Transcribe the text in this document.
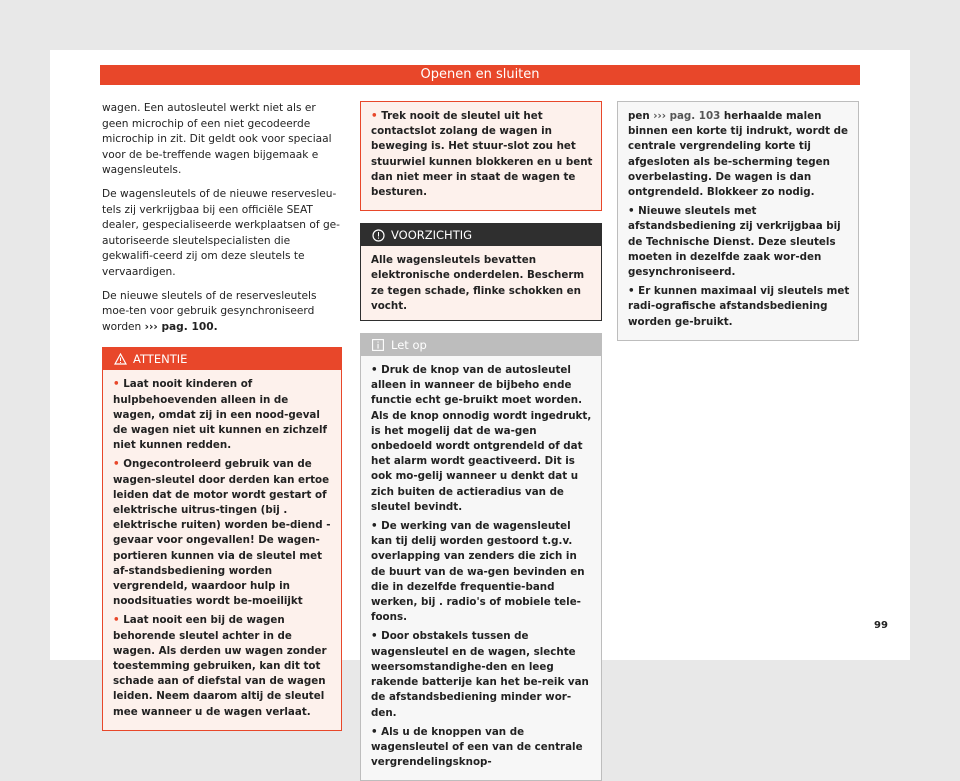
Openen en sluiten

wagen. Een autosleutel werkt niet als er geen microchip of een niet gecodeerde microchip in zit. Dit geldt ook voor speciaal voor de be-treffende wagen bijgemaak e wagensleutels.

De wagensleutels of de nieuwe reservesleu-tels zij verkrijgbaa bij een officiële SEAT dealer, gespecialiseerde werkplaatsen of ge-autoriseerde sleutelspecialisten die gekwalifi-ceerd zij om deze sleutels te vervaardigen.

De nieuwe sleutels of de reservesleutels moe-ten voor gebruik gesynchroniseerd worden ››› pag. 100.

ATTENTIE
• Laat nooit kinderen of hulpbehoevenden alleen in de wagen, omdat zij in een nood-geval de wagen niet uit kunnen en zichzelf niet kunnen redden.
• Ongecontroleerd gebruik van de wagen-sleutel door derden kan ertoe leiden dat de motor wordt gestart of elektrische uitrus-tingen (bij . elektrische ruiten) worden be-diend - gevaar voor ongevallen! De wagen-portieren kunnen via de sleutel met af-standsbediening worden vergrendeld, waardoor hulp in noodsituaties wordt be-moeilijkt
• Laat nooit een bij de wagen behorende sleutel achter in de wagen. Als derden uw wagen zonder toestemming gebruiken, kan dit tot schade aan of diefstal van de wagen leiden. Neem daarom altij de sleutel mee wanneer u de wagen verlaat.
• Trek nooit de sleutel uit het contactslot zolang de wagen in beweging is. Het stuur-slot zou het stuurwiel kunnen blokkeren en u bent dan niet meer in staat de wagen te besturen.
VOORZICHTIG
Alle wagensleutels bevatten elektronische onderdelen. Bescherm ze tegen schade, flinke schokken en vocht.
Let op
• Druk de knop van de autosleutel alleen in wanneer de bijbeho ende functie echt ge-bruikt moet worden. Als de knop onnodig wordt ingedrukt, is het mogelij dat de wa-gen onbedoeld wordt ontgrendeld of dat het alarm wordt geactiveerd. Dit is ook mo-gelij wanneer u denkt dat u zich buiten de actieradius van de sleutel bevindt.
• De werking van de wagensleutel kan tij delij worden gestoord t.g.v. overlapping van zenders die zich in de buurt van de wa-gen bevinden en die in dezelfde frequentie-band werken, bij . radio's of mobiele tele-foons.
• Door obstakels tussen de wagensleutel en de wagen, slechte weersomstandighe-den en leeg rakende batterije kan het be-reik van de afstandsbediening minder wor-den.
• Als u de knoppen van de wagensleutel of een van de centrale vergrendelingsknop-
pen ››› pag. 103 herhaalde malen binnen een korte tij indrukt, wordt de centrale vergrendeling korte tij afgesloten als be-scherming tegen overbelasting. De wagen is dan ontgrendeld. Blokkeer zo nodig.
• Nieuwe sleutels met afstandsbediening zij verkrijgbaa bij de Technische Dienst. Deze sleutels moeten in dezelfde zaak wor-den gesynchroniseerd.
• Er kunnen maximaal vij sleutels met radi-ografische afstandsbediening worden ge-bruikt.
99
